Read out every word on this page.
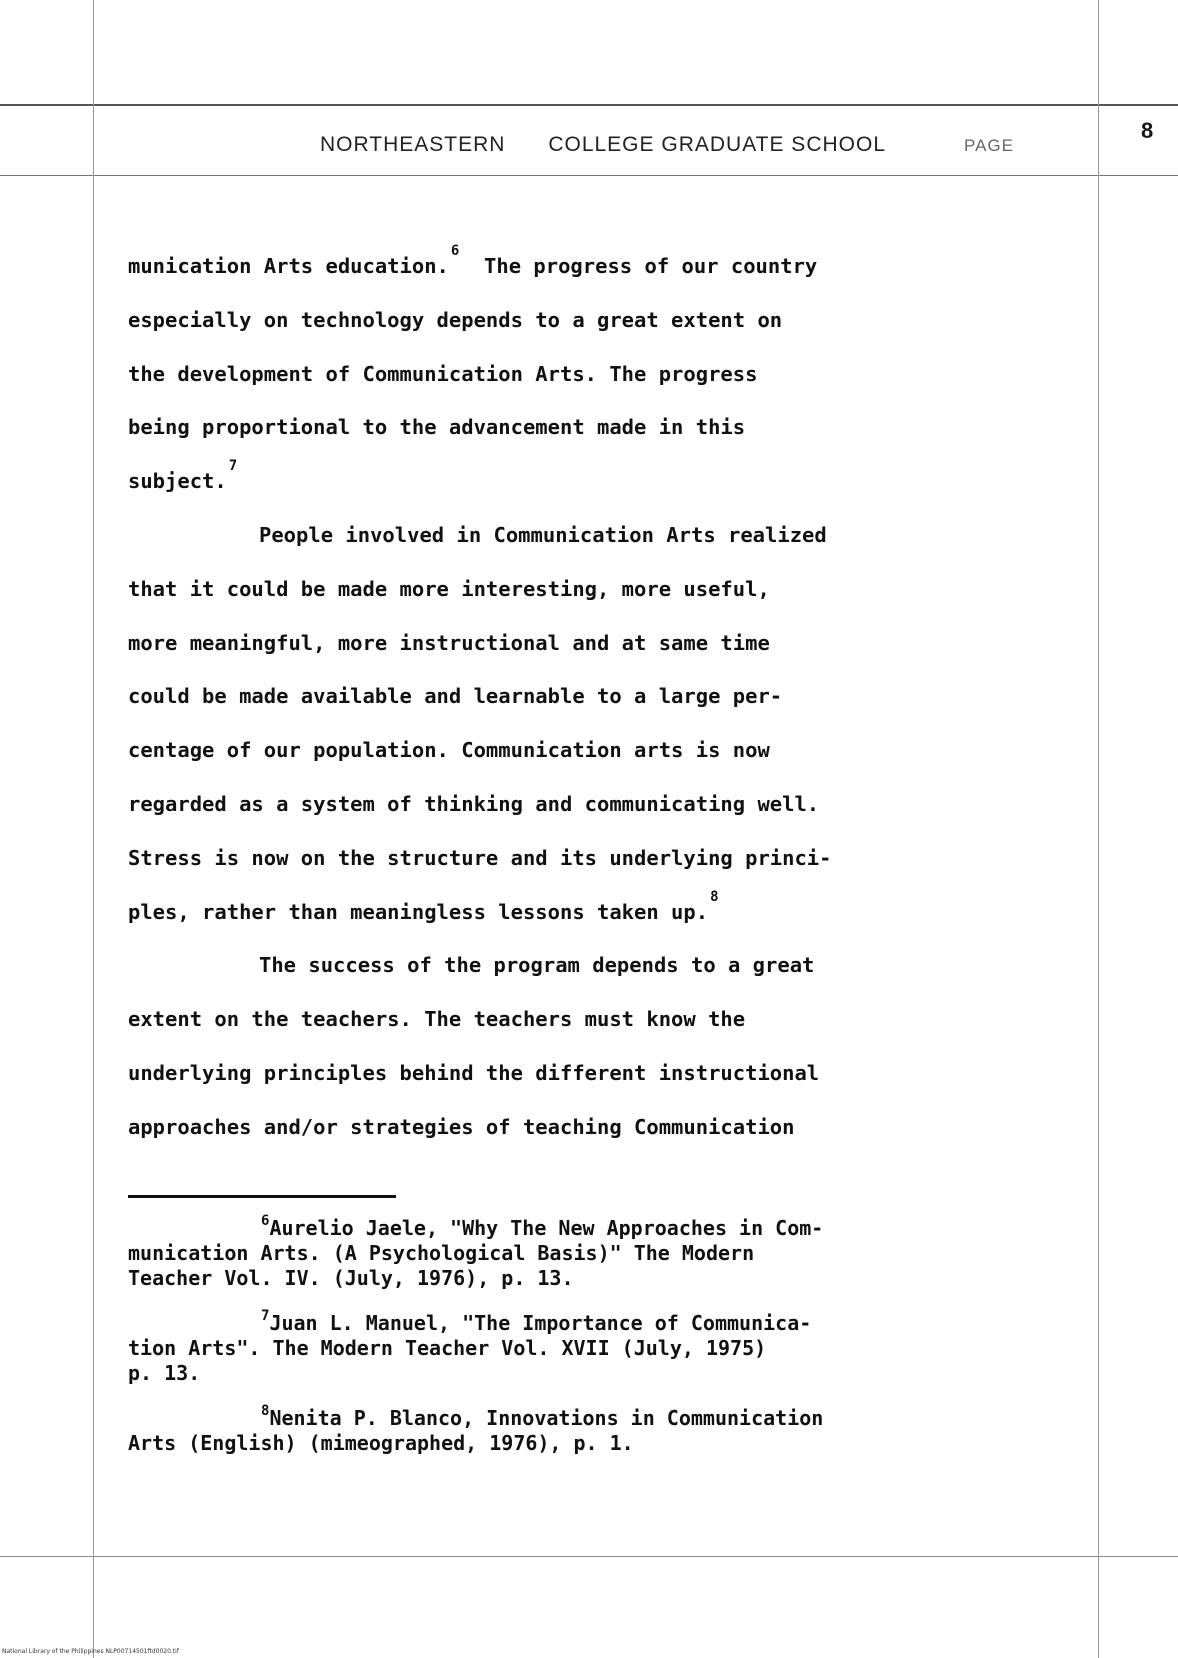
NORTHEASTERN COLLEGE GRADUATE SCHOOL	PAGE
8
munication Arts education.$^6$  The progress of our country
especially on technology depends to a great extent on
the development of Communication Arts. The progress
being proportional to the advancement made in this
subject.$^7$
People involved in Communication Arts realized
that it could be made more interesting, more useful,
more meaningful, more instructional and at same time
could be made available and learnable to a large per-
centage of our population. Communication arts is now
regarded as a system of thinking and communicating well.
Stress is now on the structure and its underlying princi-
ples, rather than meaningless lessons taken up.$^8$
The success of the program depends to a great
extent on the teachers. The teachers must know the
underlying principles behind the different instructional
approaches and/or strategies of teaching Communication
$^6$Aurelio Jaele, "Why The New Approaches in Com-
munication Arts. (A Psychological Basis)" The Modern
Teacher Vol. IV. (July, 1976), p. 13.
$^7$Juan L. Manuel, "The Importance of Communica-
tion Arts". The Modern Teacher Vol. XVII (July, 1975)
p. 13.
$^8$Nenita P. Blanco, Innovations in Communication
Arts (English) (mimeographed, 1976), p. 1.
National Library of the Philippines NLP00714501ftd0020.tif
